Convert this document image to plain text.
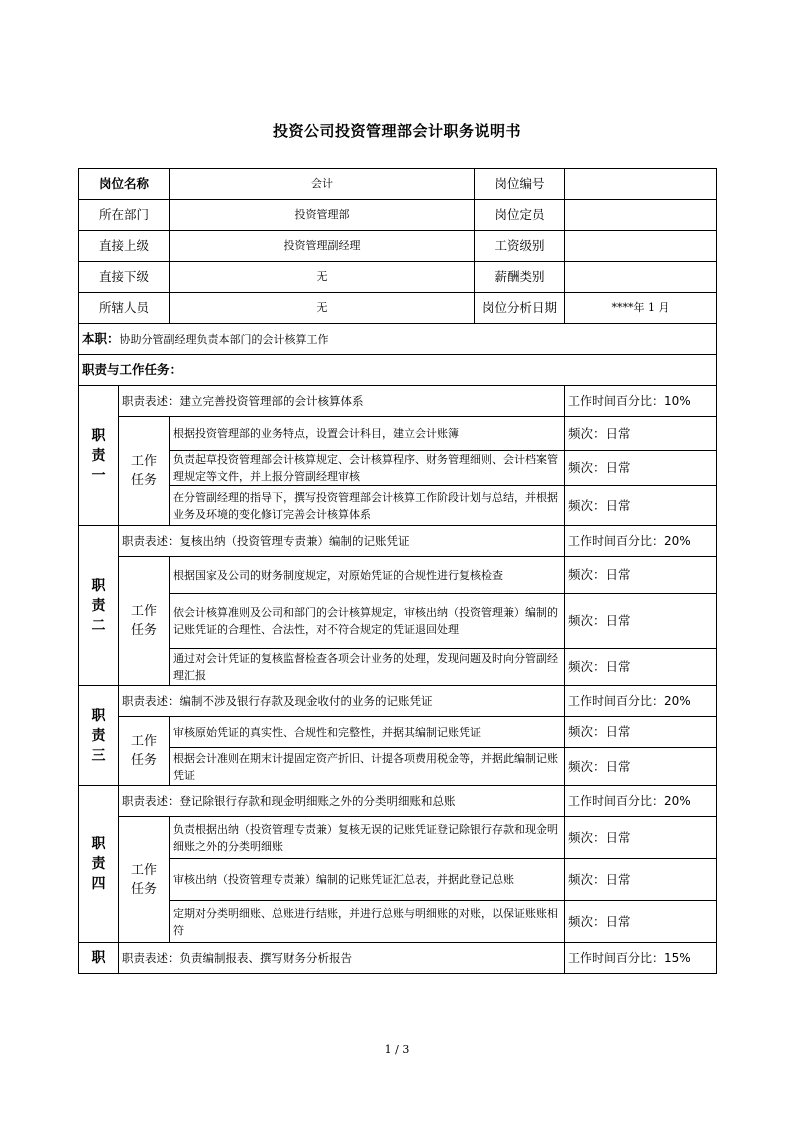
投资公司投资管理部会计职务说明书
岗位名称		会计	岗位编号	
所在部门		投资管理部	岗位定员	
直接上级		投资管理副经理	工资级别	
直接下级		无	薪酬类别	
所辖人员		无	岗位分析日期	****年 1 月
本职：协助分管副经理负责本部门的会计核算工作				
职责与工作任务：				

职责一	职责表述：建立完善投资管理部的会计核算体系			工作时间百分比：10%

	工作任务	根据投资管理部的业务特点，设置会计科目，建立会计账簿		频次：日常
		负责起草投资管理部会计核算规定、会计核算程序、财务管理细则、会计档案管理规定等文件，并上报分管副经理审核		频次：日常
		在分管副经理的指导下，撰写投资管理部会计核算工作阶段计划与总结，并根据业务及环境的变化修订完善会计核算体系		频次：日常

职责二	职责表述：复核出纳（投资管理专责兼）编制的记账凭证			工作时间百分比：20%

	工作任务	根据国家及公司的财务制度规定，对原始凭证的合规性进行复核检查		频次：日常
		依会计核算准则及公司和部门的会计核算规定，审核出纳（投资管理兼）编制的记账凭证的合理性、合法性，对不符合规定的凭证退回处理		频次：日常
		通过对会计凭证的复核监督检查各项会计业务的处理，发现问题及时向分管副经理汇报		频次：日常

职责三	职责表述：编制不涉及银行存款及现金收付的业务的记账凭证			工作时间百分比：20%

	工作任务	审核原始凭证的真实性、合规性和完整性，并据其编制记账凭证		频次：日常
		根据会计准则在期末计提固定资产折旧、计提各项费用税金等，并据此编制记账凭证		频次：日常

职责四	职责表述：登记除银行存款和现金明细账之外的分类明细账和总账			工作时间百分比：20%

	工作任务	负责根据出纳（投资管理专责兼）复核无误的记账凭证登记除银行存款和现金明细账之外的分类明细账		频次：日常
		审核出纳（投资管理专责兼）编制的记账凭证汇总表，并据此登记总账		频次：日常
		定期对分类明细账、总账进行结账，并进行总账与明细账的对账，以保证账账相符		频次：日常

职	职责表述：负责编制报表、撰写财务分析报告			工作时间百分比：15%
1 / 3
